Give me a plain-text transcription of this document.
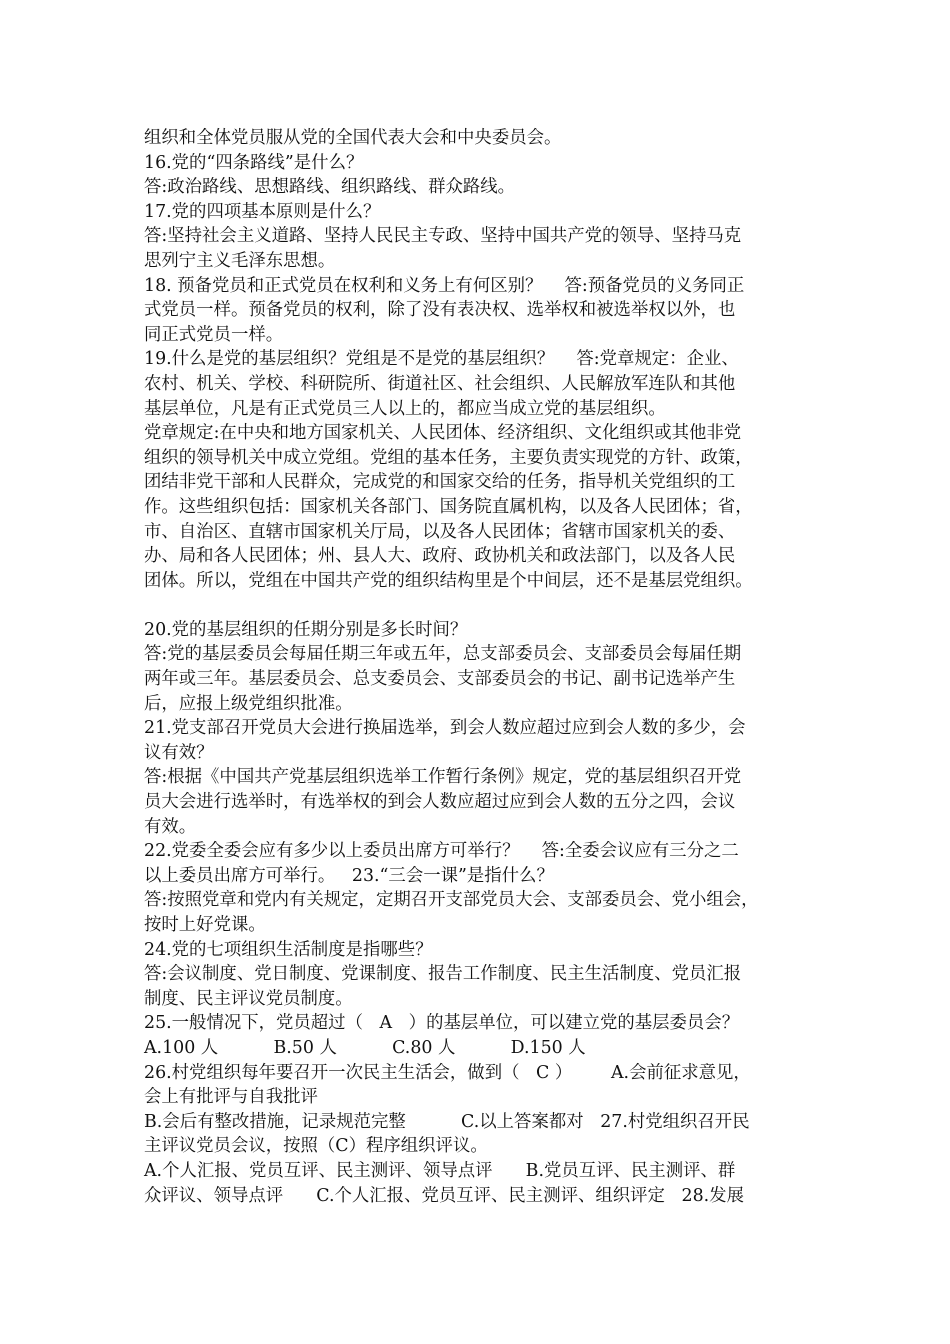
组织和全体党员服从党的全国代表大会和中央委员会。
16.党的“四条路线”是什么？
答:政治路线、思想路线、组织路线、群众路线。
17.党的四项基本原则是什么？
答:坚持社会主义道路、坚持人民民主专政、坚持中国共产党的领导、坚持马克
思列宁主义毛泽东思想。
18. 预备党员和正式党员在权利和义务上有何区别？    答:预备党员的义务同正
式党员一样。预备党员的权利，除了没有表决权、选举权和被选举权以外，也
同正式党员一样。
19.什么是党的基层组织？党组是不是党的基层组织？    答:党章规定：企业、
农村、机关、学校、科研院所、街道社区、社会组织、人民解放军连队和其他
基层单位，凡是有正式党员三人以上的，都应当成立党的基层组织。
党章规定:在中央和地方国家机关、人民团体、经济组织、文化组织或其他非党
组织的领导机关中成立党组。党组的基本任务，主要负责实现党的方针、政策，
团结非党干部和人民群众，完成党的和国家交给的任务，指导机关党组织的工
作。这些组织包括：国家机关各部门、国务院直属机构，以及各人民团体；省，
市、自治区、直辖市国家机关厅局，以及各人民团体；省辖市国家机关的委、
办、局和各人民团体；州、县人大、政府、政协机关和政法部门，以及各人民
团体。所以，党组在中国共产党的组织结构里是个中间层，还不是基层党组织。
20.党的基层组织的任期分别是多长时间？
答:党的基层委员会每届任期三年或五年，总支部委员会、支部委员会每届任期
两年或三年。基层委员会、总支委员会、支部委员会的书记、副书记选举产生
后，应报上级党组织批准。
21.党支部召开党员大会进行换届选举，到会人数应超过应到会人数的多少，会
议有效？
答:根据《中国共产党基层组织选举工作暂行条例》规定，党的基层组织召开党
员大会进行选举时，有选举权的到会人数应超过应到会人数的五分之四，会议
有效。
22.党委全委会应有多少以上委员出席方可举行？    答:全委会议应有三分之二
以上委员出席方可举行。   23.“三会一课”是指什么？
答:按照党章和党内有关规定，定期召开支部党员大会、支部委员会、党小组会，
按时上好党课。
24.党的七项组织生活制度是指哪些？
答:会议制度、党日制度、党课制度、报告工作制度、民主生活制度、党员汇报
制度、民主评议党员制度。
25.一般情况下，党员超过（   A   ）的基层单位，可以建立党的基层委员会？
A.100 人          B.50 人          C.80 人          D.150 人
26.村党组织每年要召开一次民主生活会，做到（   C ）       A.会前征求意见，
会上有批评与自我批评
B.会后有整改措施，记录规范完整          C.以上答案都对   27.村党组织召开民
主评议党员会议，按照（C）程序组织评议。
A.个人汇报、党员互评、民主测评、领导点评      B.党员互评、民主测评、群
众评议、领导点评      C.个人汇报、党员互评、民主测评、组织评定   28.发展
